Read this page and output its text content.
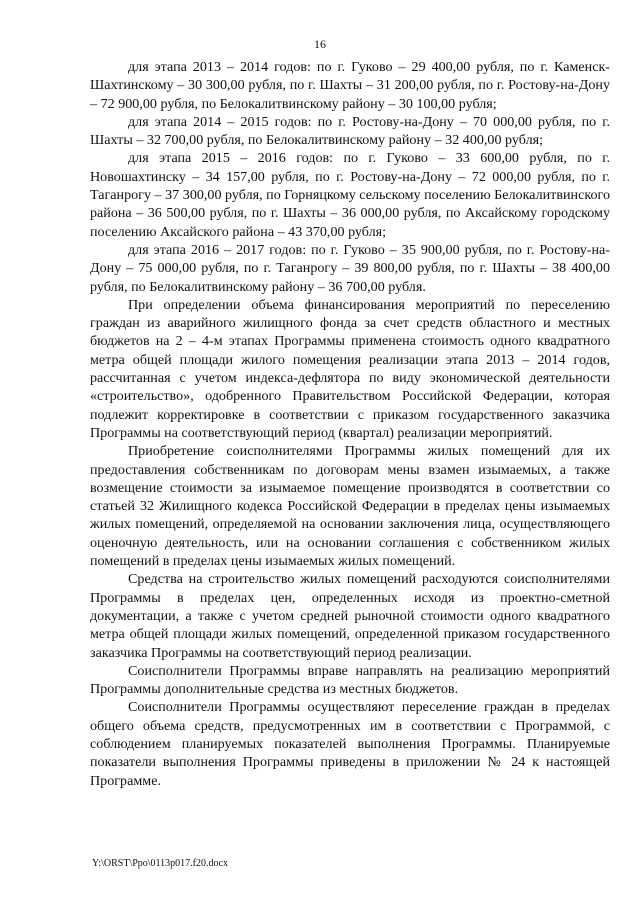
16

для этапа 2013 – 2014 годов: по г. Гуково – 29 400,00 рубля, по г. Каменск-Шахтинскому – 30 300,00 рубля, по г. Шахты – 31 200,00 рубля, по г. Ростову-на-Дону – 72 900,00 рубля, по Белокалитвинскому району – 30 100,00 рубля;

для этапа 2014 – 2015 годов: по г. Ростову-на-Дону – 70 000,00 рубля, по г. Шахты – 32 700,00 рубля, по Белокалитвинскому району – 32 400,00 рубля;

для этапа 2015 – 2016 годов: по г. Гуково – 33 600,00 рубля, по г. Новошахтинску – 34 157,00 рубля, по г. Ростову-на-Дону – 72 000,00 рубля, по г. Таганрогу – 37 300,00 рубля, по Горняцкому сельскому поселению Белокалитвинского района – 36 500,00 рубля, по г. Шахты – 36 000,00 рубля, по Аксайскому городскому поселению Аксайского района – 43 370,00 рубля;

для этапа 2016 – 2017 годов: по г. Гуково – 35 900,00 рубля, по г. Ростову-на-Дону – 75 000,00 рубля, по г. Таганрогу – 39 800,00 рубля, по г. Шахты – 38 400,00 рубля, по Белокалитвинскому району – 36 700,00 рубля.

При определении объема финансирования мероприятий по переселению граждан из аварийного жилищного фонда за счет средств областного и местных бюджетов на 2 – 4-м этапах Программы применена стоимость одного квадратного метра общей площади жилого помещения реализации этапа 2013 – 2014 годов, рассчитанная с учетом индекса-дефлятора по виду экономической деятельности «строительство», одобренного Правительством Российской Федерации, которая подлежит корректировке в соответствии с приказом государственного заказчика Программы на соответствующий период (квартал) реализации мероприятий.

Приобретение соисполнителями Программы жилых помещений для их предоставления собственникам по договорам мены взамен изымаемых, а также возмещение стоимости за изымаемое помещение производятся в соответствии со статьей 32 Жилищного кодекса Российской Федерации в пределах цены изымаемых жилых помещений, определяемой на основании заключения лица, осуществляющего оценочную деятельность, или на основании соглашения с собственником жилых помещений в пределах цены изымаемых жилых помещений.

Средства на строительство жилых помещений расходуются соисполнителями Программы в пределах цен, определенных исходя из проектно-сметной документации, а также с учетом средней рыночной стоимости одного квадратного метра общей площади жилых помещений, определенной приказом государственного заказчика Программы на соответствующий период реализации.

Соисполнители Программы вправе направлять на реализацию мероприятий Программы дополнительные средства из местных бюджетов.

Соисполнители Программы осуществляют переселение граждан в пределах общего объема средств, предусмотренных им в соответствии с Программой, с соблюдением планируемых показателей выполнения Программы. Планируемые показатели выполнения Программы приведены в приложении № 24 к настоящей Программе.

Y:\ORST\Ppo\0113p017.f20.docx
